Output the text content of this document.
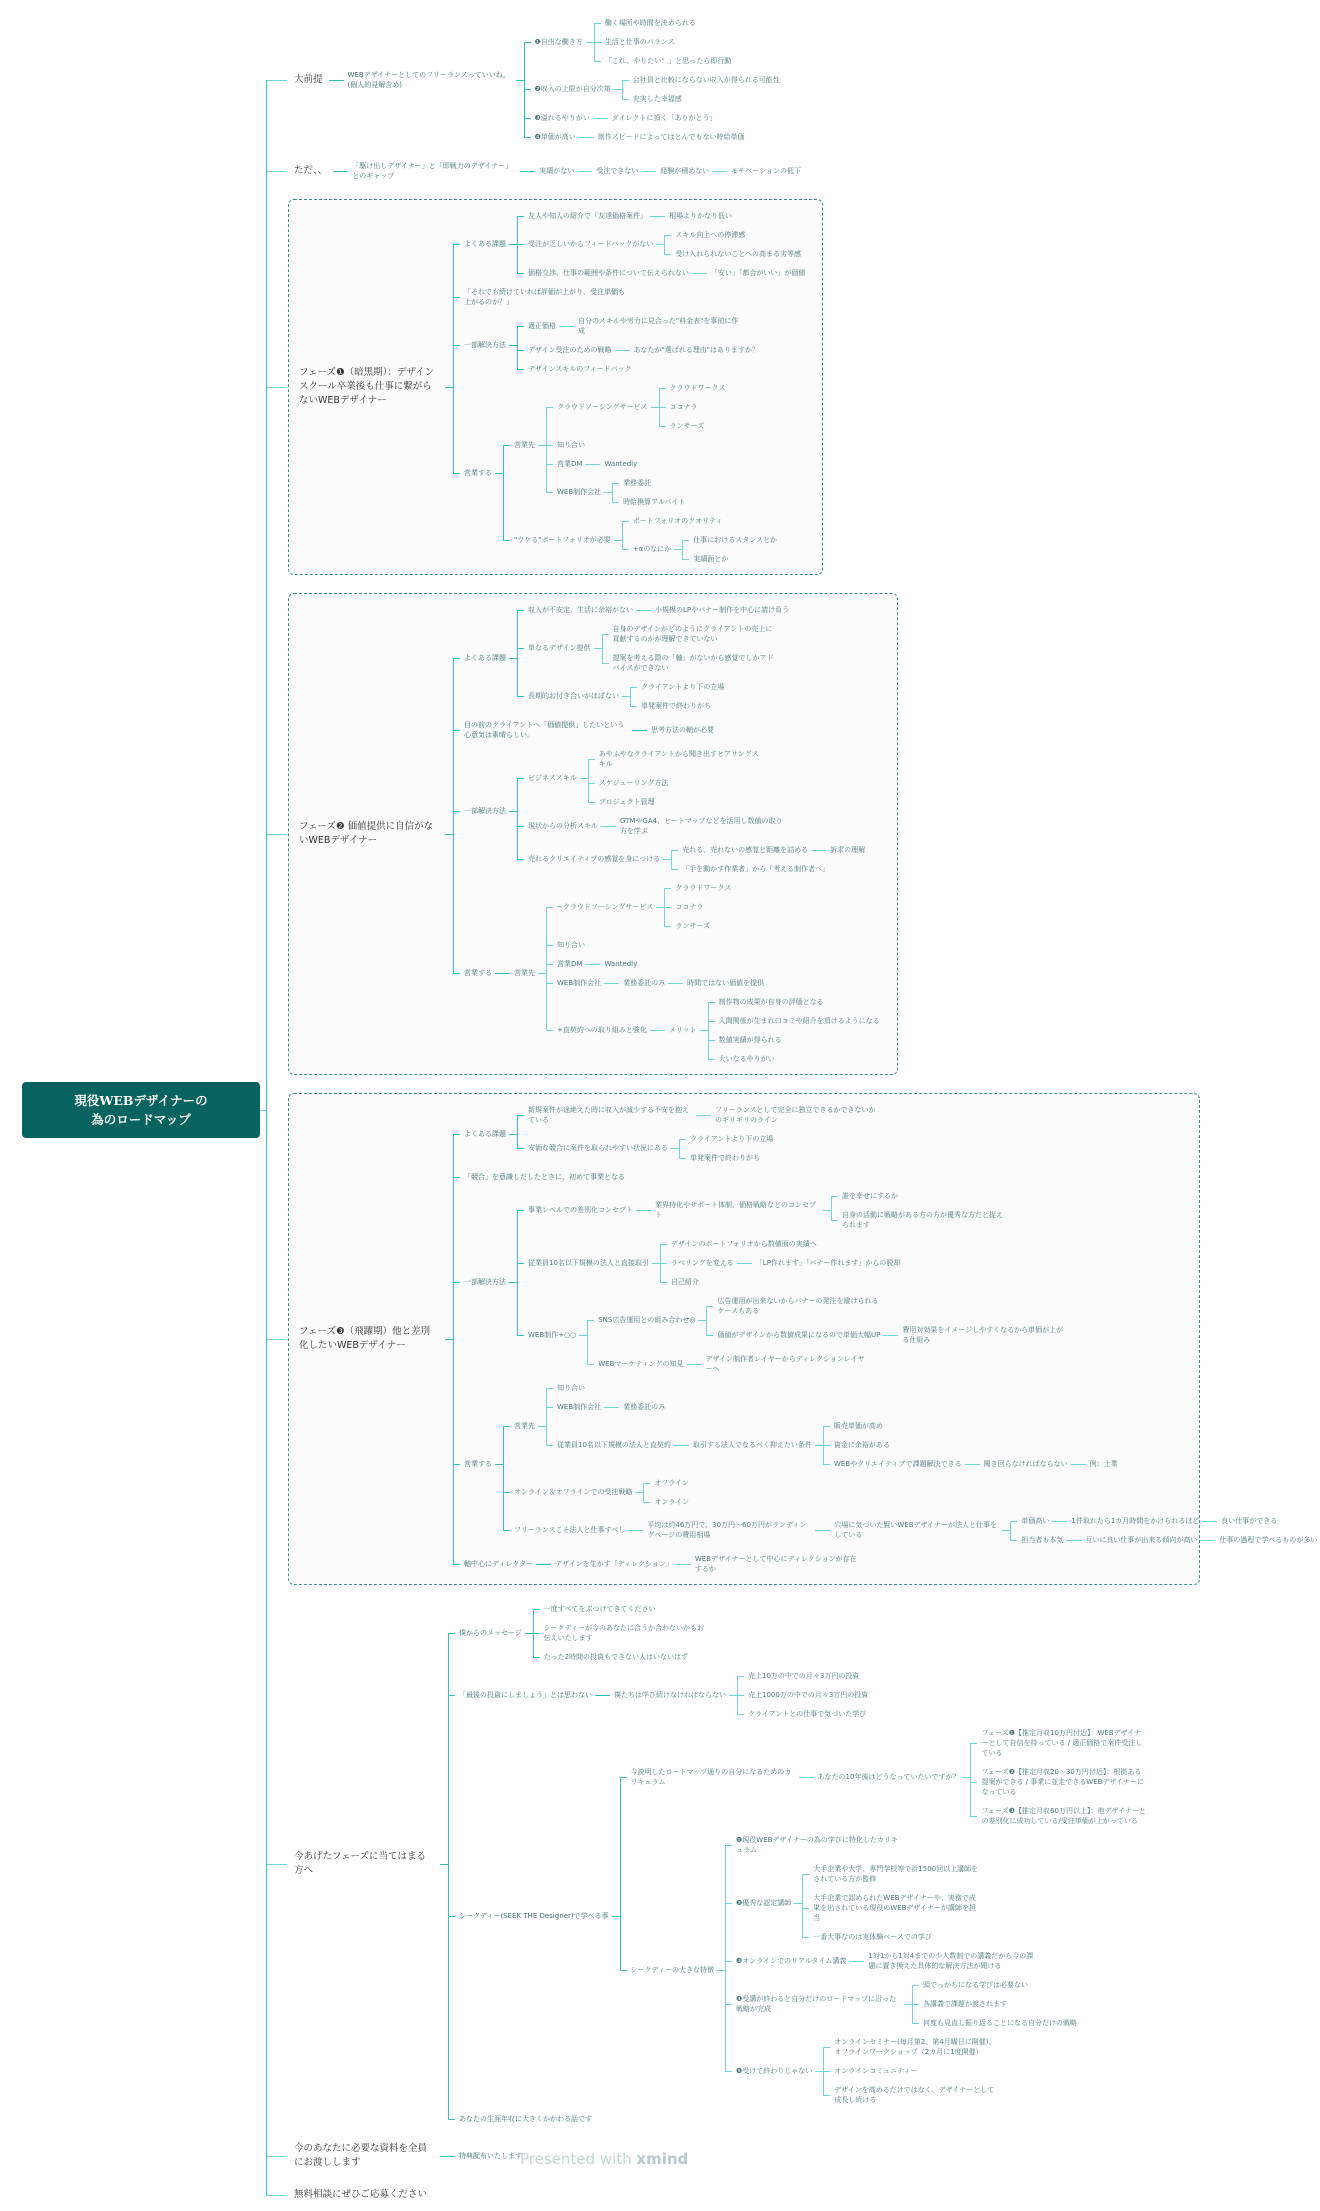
現役WEBデザイナーの
為のロードマップ
大前提	WEBデザイナーとしてのフリーランスっていいね。(個人的見解含め)
❶自由な働き方
働く場所や時間を決められる
生活と仕事のバランス
「これ、やりたい！」と思ったら即行動
❷収入の上限が自分次第
会社員と比較にならない収入が得られる可能性
充実した幸福感
❸溢れるやりがい	ダイレクトに頂く「ありがとう」
❹単価が高い	制作スピードによってはとんでもない時給単価
ただ、、	「駆け出しデザイナー」と「即戦力のデザイナー」とのギャップ
実績がない	受注できない	経験が積めない	モチベーションの低下
フェーズ❶（暗黒期）：デザインスクール卒業後も仕事に繋がらないWEBデザイナー
よくある課題
友人や知人の紹介で「友達価格案件」	相場よりかなり低い
受注が乏しいからフィードバックがない
スキル向上への停滞感
受け入れられないことへの高まる劣等感
価格交渉、仕事の範囲や条件について伝えられない	「安い」「都合がいい」が価値
「それでも続けていれば評価が上がり、受注単価も上がるのか？」
一部解決方法
適正価格
自分のスキルや労力に見合った"料金表"を事前に作成
デザイン受注のための戦略	あなたが"選ばれる理由"はありますか？
デザインスキルのフィードバック
営業する
営業先
クラウドソーシングサービス
クラウドワークス
ココナラ
ランサーズ
知り合い
営業DM	Wantedly
WEB制作会社
業務委託
時給換算アルバイト
"ウケる"ポートフォリオが必要
ポートフォリオのクオリティ
+αのなにか
仕事におけるスタンスとか
実績面とか
フェーズ❷ 価値提供に自信がないWEBデザイナー
よくある課題
収入が不安定、生活に余裕がない	小規模のLPやバナー制作を中心に請け負う
単なるデザイン提供
自身のデザインがどのようにクライアントの売上に貢献するのかが理解できていない
提案を考える際の「軸」がないから感覚でしかアドバイスができない
長期的お付き合いがほぼない
クライアントより下の立場
単発案件で終わりがち
目の前のクライアントへ「価値提供」したいという心意気は素晴らしい。
思考方法の軸が必要
一部解決方法
ビジネススキル
あやふやなクライアントから聞き出すヒアリングスキル
スケジューリング方法
プロジェクト管理
現状からの分析スキル
GTMやGA4、ヒートマップなどを活用し数値の取り方を学ぶ
売れるクリエイティブの感覚を身につける
売れる、売れないの感覚と距離を詰める	訴求の理解
「手を動かす作業者」から「考える制作者へ」
営業する	営業先
−クラウドソーシングサービス
クラウドワークス
ココナラ
ランサーズ
知り合い
営業DM	Wantedly
WEB制作会社	業務委託のみ	時間ではない価値を提供
+直契約への取り組みと強化	メリット
制作物の成果が自身の評価となる
人間関係が生まれ口コミや紹介を頂けるようになる
数値実績が得られる
大いなるやりがい
フェーズ❸（飛躍期）他と差別化したいWEBデザイナー
よくある課題
新規案件が途絶えた時に収入が減少する不安を抱えている
フリーランスとして完全に独立できるかできないかのギリギリのライン
安価な競合に案件を取られやすい状況にある
クライアントより下の立場
単発案件で終わりがち
「競合」を意識しだしたときに、初めて事業となる
一部解決方法
事業レベルでの差別化コンセプト
業界特化やサポート体制、価格戦略などのコンセプト
誰を幸せにするか
自身の活動に戦略がある方の方が優秀な方だと捉えられます
従業員10名以下規模の法人と直接取引
デザインのポートフォリオから数値面の実績へ
ラベリングを変える	「LP作れます」「バナー作れます」からの脱却
自己紹介
WEB制作+○○
SNS広告運用との組み合わせ◎
広告運用が出来ないからバナーの発注を避けられるケースもある
価値がデザインから数値成果になるので単価大幅UP
費用対効果をイメージしやすくなるから単価が上がる仕組み
WEBマーケティングの知見
デザイン制作者レイヤーからディレクションレイヤーへ
営業する
営業先
知り合い
WEB制作会社	業務委託のみ
従業員10名以下規模の法人と直契約	取引する法人でなるべく抑えたい条件
販売単価が高め
資金に余裕がある
WEBやクリエイティブで課題解決できる	聞き回らなければならない	例：士業
オンライン＆オフラインでの受注戦略
オフライン
オンライン
フリーランスこそ法人と仕事すべし
平均は約46万円で、30万円〜60万円がランディングページの費用相場
穴場に気づいた賢いWEBデザイナーが法人と仕事をしている
単価高い	1件取れたら1カ月時間をかけられるほど	良い仕事ができる
担当者も本気	互いに良い仕事が出来る傾向が高い	仕事の過程で学べるものが多い
軸中心にディレクター	デザインを生かす「ディレクション」
WEBデザイナーとして中心にディレクションが存在するか
今あげたフェーズに当てはまる方へ
僕からのメッセージ
一度すべてをぶつけてきてください
シークディーが今のあなたに合うか合わないかもお伝えいたします
たった2時間の投資もできない人はいないはず
「最後の投資にしましょう」とは思わない	僕たちは学び続けなければならない
売上10万の中での月々3万円の投資
売上1000万の中での月々3万円の投資
クライアントとの仕事で気づいた学び
シークディー(SEEK THE Designer)で学べる事
今説明したロードマップ通りの自分になるためのカリキュラム
あなたの10年後はどうなっていたいですか？
フェーズ❶【推定月収10万円付近】：WEBデザイナーとして自信を持っている / 適正価格で案件受注している
フェーズ❷【推定月収20〜30万円付近】：根拠ある提案ができる / 事業に並走できるWEBデザイナーになっている
フェーズ❸【推定月収60万円以上】：他デザイナーとの差別化に成功している/受注単価が上がっている
シークディーの大きな特徴
❶現役WEBデザイナーの為の学びに特化したカリキュラム
❷優秀な認定講師
大手企業や大学、専門学校等で計1500回以上講師をされている方が監修
大手企業で認められたWEBデザイナーや、実務で成果を出されている現役のWEBデザイナーが講師を担当
一番大事なのは実体験ベースでの学び
❸オンラインでのリアルタイム講義
1対1から1対4までの少人数制での講義だから今の課題に置き換えた具体的な解決方法が聞ける
❹受講が終わると自分だけのロードマップに沿った戦略が完成
頭でっかちになる学びは必要ない
各講義で課題が渡されます
何度も見直し振り返ることになる自分だけの戦略
❺受けて終わりじゃない
オンラインセミナー(毎月第2、第4月曜日に開催)、オフラインワークショップ（2カ月に1度開催）
オンラインコミュニティー
デザインを高めるだけではなく、デザイナーとして成長し続ける
あなたの生涯年収に大きくかかわる話です
今のあなたに必要な資料を全員にお渡しします
特典配布いたします
無料相談にぜひご応募ください
Presented with xmind
